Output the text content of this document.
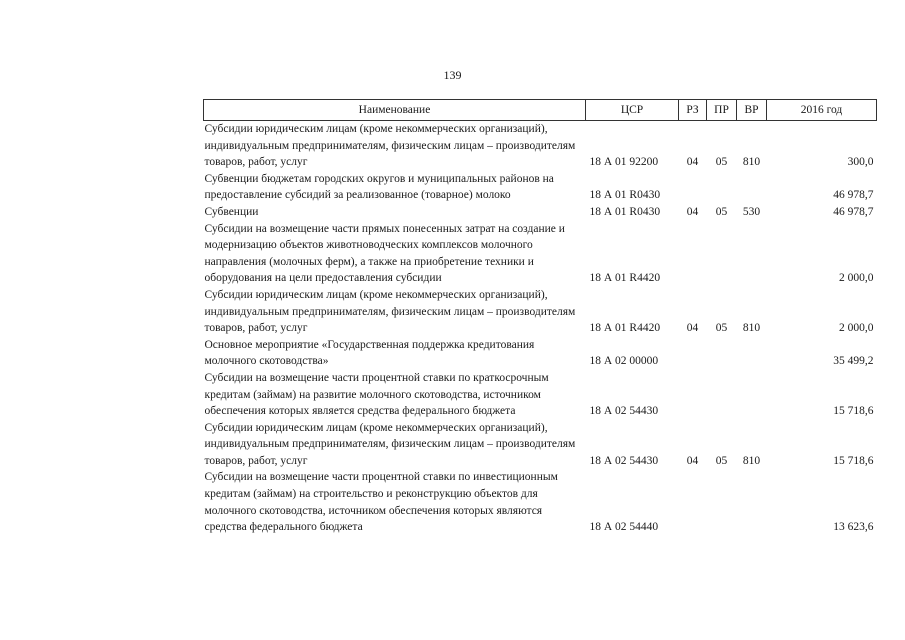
139
Наименование	ЦСР	РЗ	ПР	ВР	2016 год
Субсидии юридическим лицам (кроме некоммерческих организаций), индивидуальным предпринимателям, физическим лицам – производителям товаров, работ, услуг	18 А 01 92200	04	05	810	300,0
Субвенции бюджетам городских округов и муниципальных районов на предоставление субсидий за реализованное (товарное) молоко	18 А 01 R0430				46 978,7
Субвенции	18 А 01 R0430	04	05	530	46 978,7
Субсидии на возмещение части прямых понесенных затрат на создание и модернизацию объектов животноводческих комплексов молочного направления (молочных ферм), а также на приобретение техники и оборудования на цели предоставления субсидии	18 А 01 R4420				2 000,0
Субсидии юридическим лицам (кроме некоммерческих организаций), индивидуальным предпринимателям, физическим лицам – производителям товаров, работ, услуг	18 А 01 R4420	04	05	810	2 000,0
Основное мероприятие «Государственная поддержка кредитования молочного скотоводства»	18 А 02 00000				35 499,2
Субсидии на возмещение части процентной ставки по краткосрочным кредитам (займам) на развитие молочного скотоводства, источником обеспечения которых является средства федерального бюджета	18 А 02 54430				15 718,6
Субсидии юридическим лицам (кроме некоммерческих организаций), индивидуальным предпринимателям, физическим лицам – производителям товаров, работ, услуг	18 А 02 54430	04	05	810	15 718,6
Субсидии на возмещение части процентной ставки по инвестиционным кредитам (займам) на строительство и реконструкцию объектов для молочного скотоводства, источником обеспечения которых являются средства федерального бюджета	18 А 02 54440				13 623,6
